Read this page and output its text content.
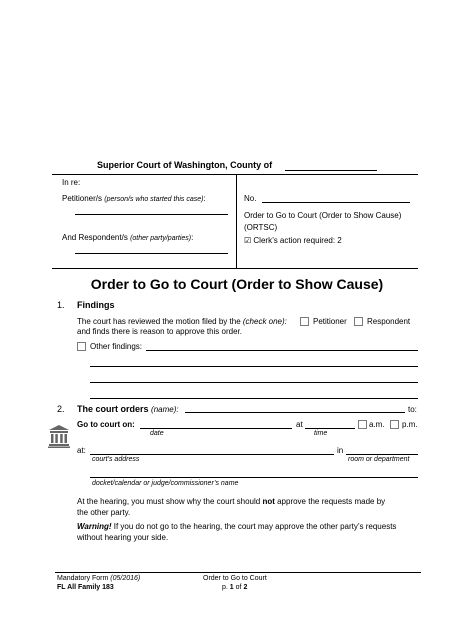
Superior Court of Washington, County of
In re:
Petitioner/s (person/s who started this case):
And Respondent/s (other party/parties):
No.
Order to Go to Court (Order to Show Cause)
(ORTSC)
☑ Clerk’s action required: 2
Order to Go to Court (Order to Show Cause)
1. Findings
The court has reviewed the motion filed by the (check one):	Petitioner	Respondent
and finds there is reason to approve this order.
Other findings:
2. The court orders (name):	to:
Go to court on:	at	a.m. p.m.
date	time
at:	in
court’s address	room or department
docket/calendar or judge/commissioner’s name
At the hearing, you must show why the court should not approve the requests made by
the other party.
Warning! If you do not go to the hearing, the court may approve the other party’s requests
without hearing your side.
Mandatory Form (05/2016)
FL All Family 183
Order to Go to Court
p. 1 of 2
